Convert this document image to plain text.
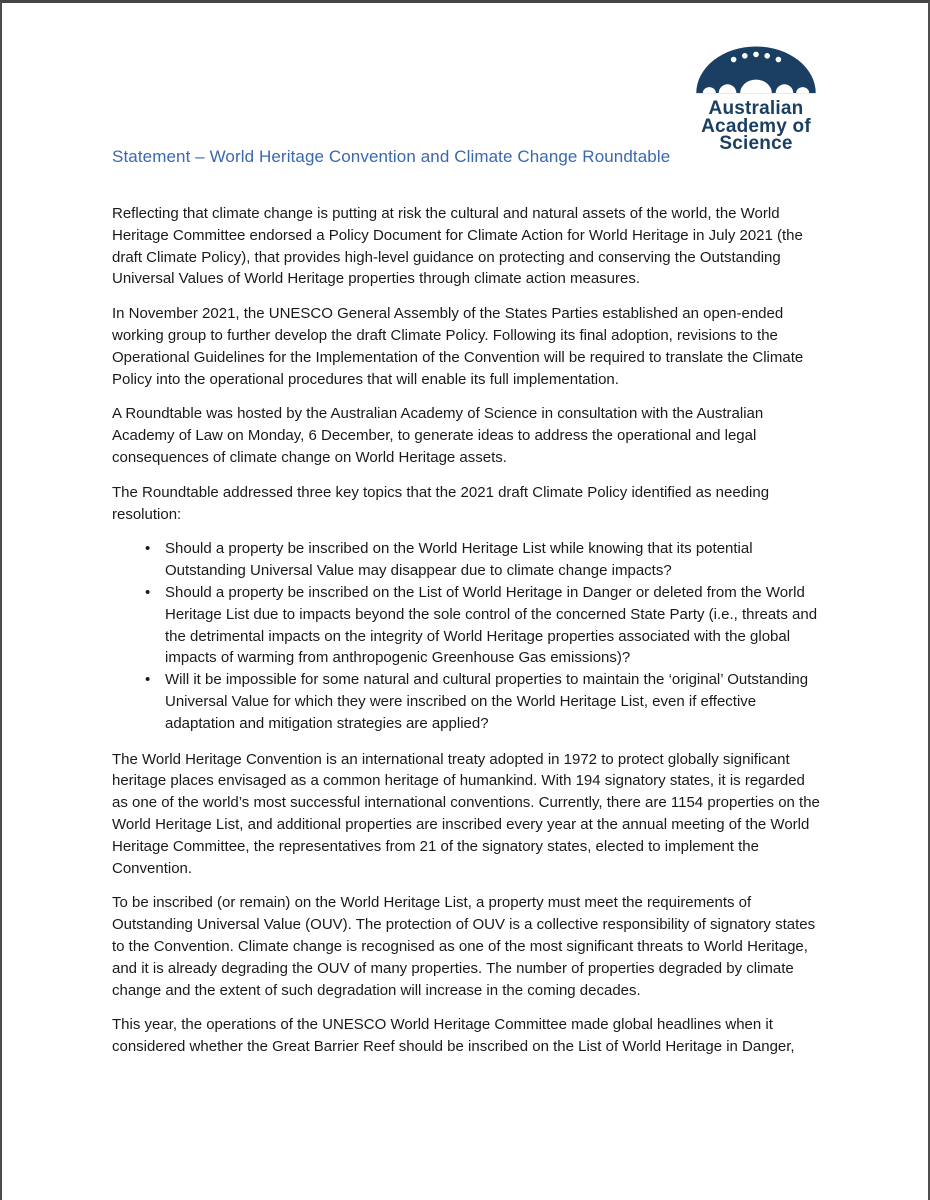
Australian
Academy of
Science
Statement – World Heritage Convention and Climate Change Roundtable

Reflecting that climate change is putting at risk the cultural and natural assets of the world, the World Heritage Committee endorsed a Policy Document for Climate Action for World Heritage in July 2021 (the draft Climate Policy), that provides high-level guidance on protecting and conserving the Outstanding Universal Values of World Heritage properties through climate action measures.

In November 2021, the UNESCO General Assembly of the States Parties established an open-ended working group to further develop the draft Climate Policy. Following its final adoption, revisions to the Operational Guidelines for the Implementation of the Convention will be required to translate the Climate Policy into the operational procedures that will enable its full implementation.

A Roundtable was hosted by the Australian Academy of Science in consultation with the Australian Academy of Law on Monday, 6 December, to generate ideas to address the operational and legal consequences of climate change on World Heritage assets.

The Roundtable addressed three key topics that the 2021 draft Climate Policy identified as needing resolution:

• Should a property be inscribed on the World Heritage List while knowing that its potential Outstanding Universal Value may disappear due to climate change impacts?
• Should a property be inscribed on the List of World Heritage in Danger or deleted from the World Heritage List due to impacts beyond the sole control of the concerned State Party (i.e., threats and the detrimental impacts on the integrity of World Heritage properties associated with the global impacts of warming from anthropogenic Greenhouse Gas emissions)?
• Will it be impossible for some natural and cultural properties to maintain the ‘original’ Outstanding Universal Value for which they were inscribed on the World Heritage List, even if effective adaptation and mitigation strategies are applied?

The World Heritage Convention is an international treaty adopted in 1972 to protect globally significant heritage places envisaged as a common heritage of humankind. With 194 signatory states, it is regarded as one of the world’s most successful international conventions. Currently, there are 1154 properties on the World Heritage List, and additional properties are inscribed every year at the annual meeting of the World Heritage Committee, the representatives from 21 of the signatory states, elected to implement the Convention.

To be inscribed (or remain) on the World Heritage List, a property must meet the requirements of Outstanding Universal Value (OUV). The protection of OUV is a collective responsibility of signatory states to the Convention. Climate change is recognised as one of the most significant threats to World Heritage, and it is already degrading the OUV of many properties. The number of properties degraded by climate change and the extent of such degradation will increase in the coming decades.

This year, the operations of the UNESCO World Heritage Committee made global headlines when it considered whether the Great Barrier Reef should be inscribed on the List of World Heritage in Danger,
